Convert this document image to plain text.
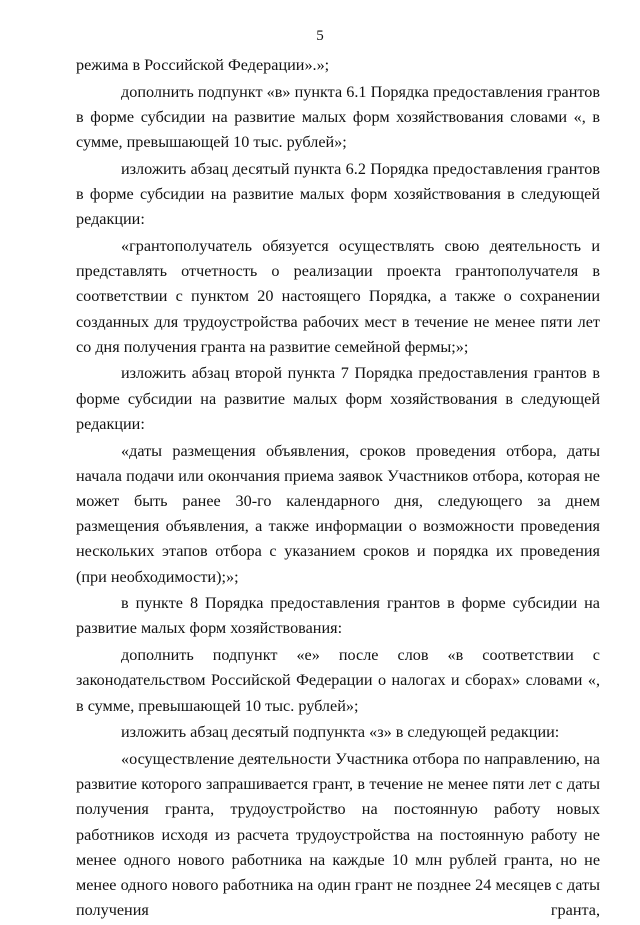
5

режима в Российской Федерации».»;

дополнить подпункт «в» пункта 6.1 Порядка предоставления грантов в форме субсидии на развитие малых форм хозяйствования словами «, в сумме, превышающей 10 тыс. рублей»;

изложить абзац десятый пункта 6.2 Порядка предоставления грантов в форме субсидии на развитие малых форм хозяйствования в следующей редакции:

«грантополучатель обязуется осуществлять свою деятельность и представлять отчетность о реализации проекта грантополучателя в соответствии с пунктом 20 настоящего Порядка, а также о сохранении созданных для трудоустройства рабочих мест в течение не менее пяти лет со дня получения гранта на развитие семейной фермы;»;

изложить абзац второй пункта 7 Порядка предоставления грантов в форме субсидии на развитие малых форм хозяйствования в следующей редакции:

«даты размещения объявления, сроков проведения отбора, даты начала подачи или окончания приема заявок Участников отбора, которая не может быть ранее 30-го календарного дня, следующего за днем размещения объявления, а также информации о возможности проведения нескольких этапов отбора с указанием сроков и порядка их проведения (при необходимости);»;

в пункте 8 Порядка предоставления грантов в форме субсидии на развитие малых форм хозяйствования:

дополнить подпункт «е» после слов «в соответствии с законодательством Российской Федерации о налогах и сборах» словами «, в сумме, превышающей 10 тыс. рублей»;

изложить абзац десятый подпункта «з» в следующей редакции:

«осуществление деятельности Участника отбора по направлению, на развитие которого запрашивается грант, в течение не менее пяти лет с даты получения гранта, трудоустройство на постоянную работу новых работников исходя из расчета трудоустройства на постоянную работу не менее одного нового работника на каждые 10 млн рублей гранта, но не менее одного нового работника на один грант не позднее 24 месяцев с даты получения гранта,
